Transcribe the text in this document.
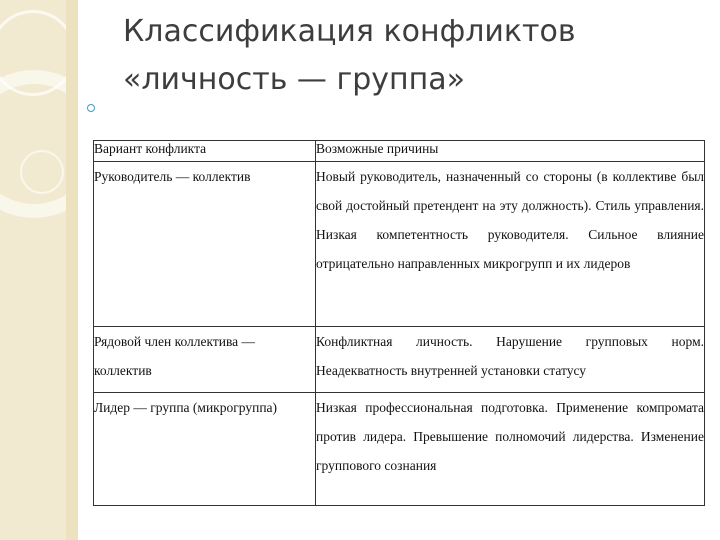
Классификация конфликтов
«личность — группа»
Вариант конфликта	Возможные причины
Руководитель — коллектив	Новый руководитель, назначенный со стороны (в коллективе был свой достойный претендент на эту должность). Стиль управления. Низкая компетентность руководителя. Сильное влияние отрицательно направленных микрогрупп и их лидеров
Рядовой член коллектива — коллектив	Конфликтная личность. Нарушение групповых норм. Неадекватность внутренней установки статусу
Лидер — группа (микрогруппа)	Низкая профессиональная подготовка. Применение компромата против лидера. Превышение полномочий лидерства. Изменение группового сознания
